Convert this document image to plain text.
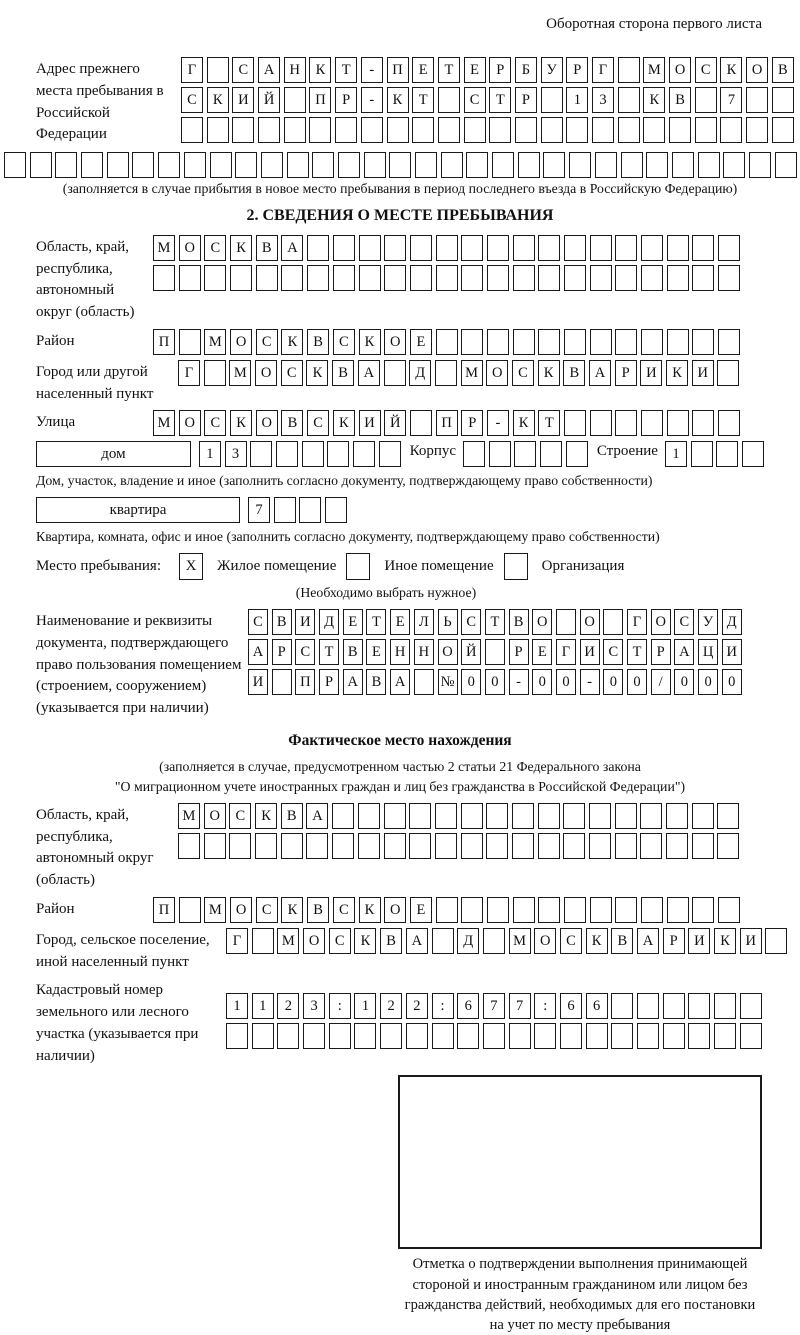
Оборотная сторона первого листа
Адрес прежнего места пребывания в Российской Федерации
Г	С	А	Н	К	Т	-	П	Е	Т	Е	Р	Б	У	Р	Г	М О	С	К	О	В
С	К	И	Й	П	Р	-	К	Т	С	Т	Р	1	3	К	В	7
(заполняется в случае прибытия в новое место пребывания в период последнего въезда в Российскую Федерацию)
2. СВЕДЕНИЯ О МЕСТЕ ПРЕБЫВАНИЯ
Область, край, республика, автономный округ (область)
М О	С	К	В	А
Район	П	М О	С	К	В	С	К	О	Е
Город или другой населенный пункт
Г	М О	С	К	В	А	Д	М О	С	К	В	А	Р	И	К	И
Улица	М О	С	К	О	В	С	К	И	Й	П	Р	-	К	Т
дом	1	3	Корпус	Строение 1
Дом, участок, владение и иное (заполнить согласно документу, подтверждающему право собственности)
квартира	7
Квартира, комната, офис и иное (заполнить согласно документу, подтверждающему право собственности)
Место пребывания:	X	Жилое помещение	Иное помещение	Организация
(Необходимо выбрать нужное)
Наименование и реквизиты документа, подтверждающего право пользования помещением (строением, сооружением) (указывается при наличии)
С В И Д Е	Т	Е Л	Ь	С Т В О	О	Г О С У Д
А Р	С Т В Е Н Н О Й	Р	Е	Г И С Т	Р А Ц И
И	П Р А В А	№ 0	0	-	0	0	-	0	0	/	0	0	0
Фактическое место нахождения
(заполняется в случае, предусмотренном частью 2 статьи 21 Федерального закона
"О миграционном учете иностранных граждан и лиц без гражданства в Российской Федерации")
Область, край, республика, автономный округ (область)
М О	С	К	В	А
Район	П	М О	С	К	В	С	К	О	Е
Город, сельское поселение, иной населенный пункт
Г	М О	С	К	В	А	Д	М О	С	К	В	А	Р	И	К	И
Кадастровый номер земельного или лесного участка (указывается при наличии)
1	1	2	3	:	1	2	2	:	6	7	7	:	6	6
Отметка о подтверждении выполнения принимающей стороной и иностранным гражданином или лицом без гражданства действий, необходимых для его постановки на учет по месту пребывания
